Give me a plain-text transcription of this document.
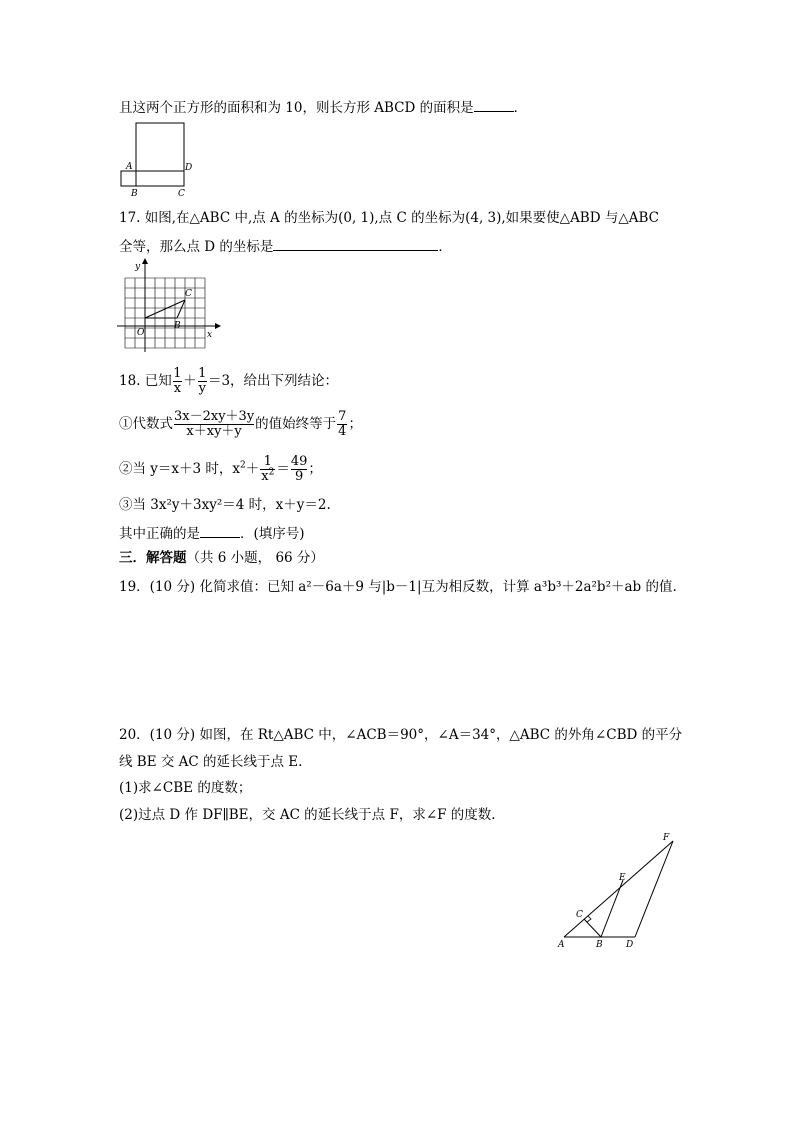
且这两个正方形的面积和为 10，则长方形 ABCD 的面积是	．
A	D
B	C
17. 如图,在△ABC 中,点 A 的坐标为(0, 1),点 C 的坐标为(4, 3),如果要使△ABD 与△ABC
全等，那么点 D 的坐标是	．
y
x
O
C
B
18. 已知 $\frac{1}{x} + \frac{1}{y} =3$，给出下列结论：
①代数式 $\frac{3x-2xy+3y}{x+xy+y}$ 的值始终等于 $\frac{7}{4}$ ；
②当 y＝x＋3 时，$x^2+ \frac{1}{x^2} = \frac{49}{9}$ ；
③当 3x²y＋3xy²＝4 时，x＋y＝2.
其中正确的是	．(填序号)
三．解答题（共 6 小题， 66 分）
19．(10 分) 化简求值：已知 a²－6a＋9 与|b－1|互为相反数，计算 a³b³＋2a²b²＋ab 的值.
20．(10 分) 如图，在 Rt△ABC 中，∠ACB＝90°，∠A＝34°，△ABC 的外角∠CBD 的平分
线 BE 交 AC 的延长线于点 E.
(1)求∠CBE 的度数；
(2)过点 D 作 DF∥BE，交 AC 的延长线于点 F，求∠F 的度数.
A	B
C
D
E
F
